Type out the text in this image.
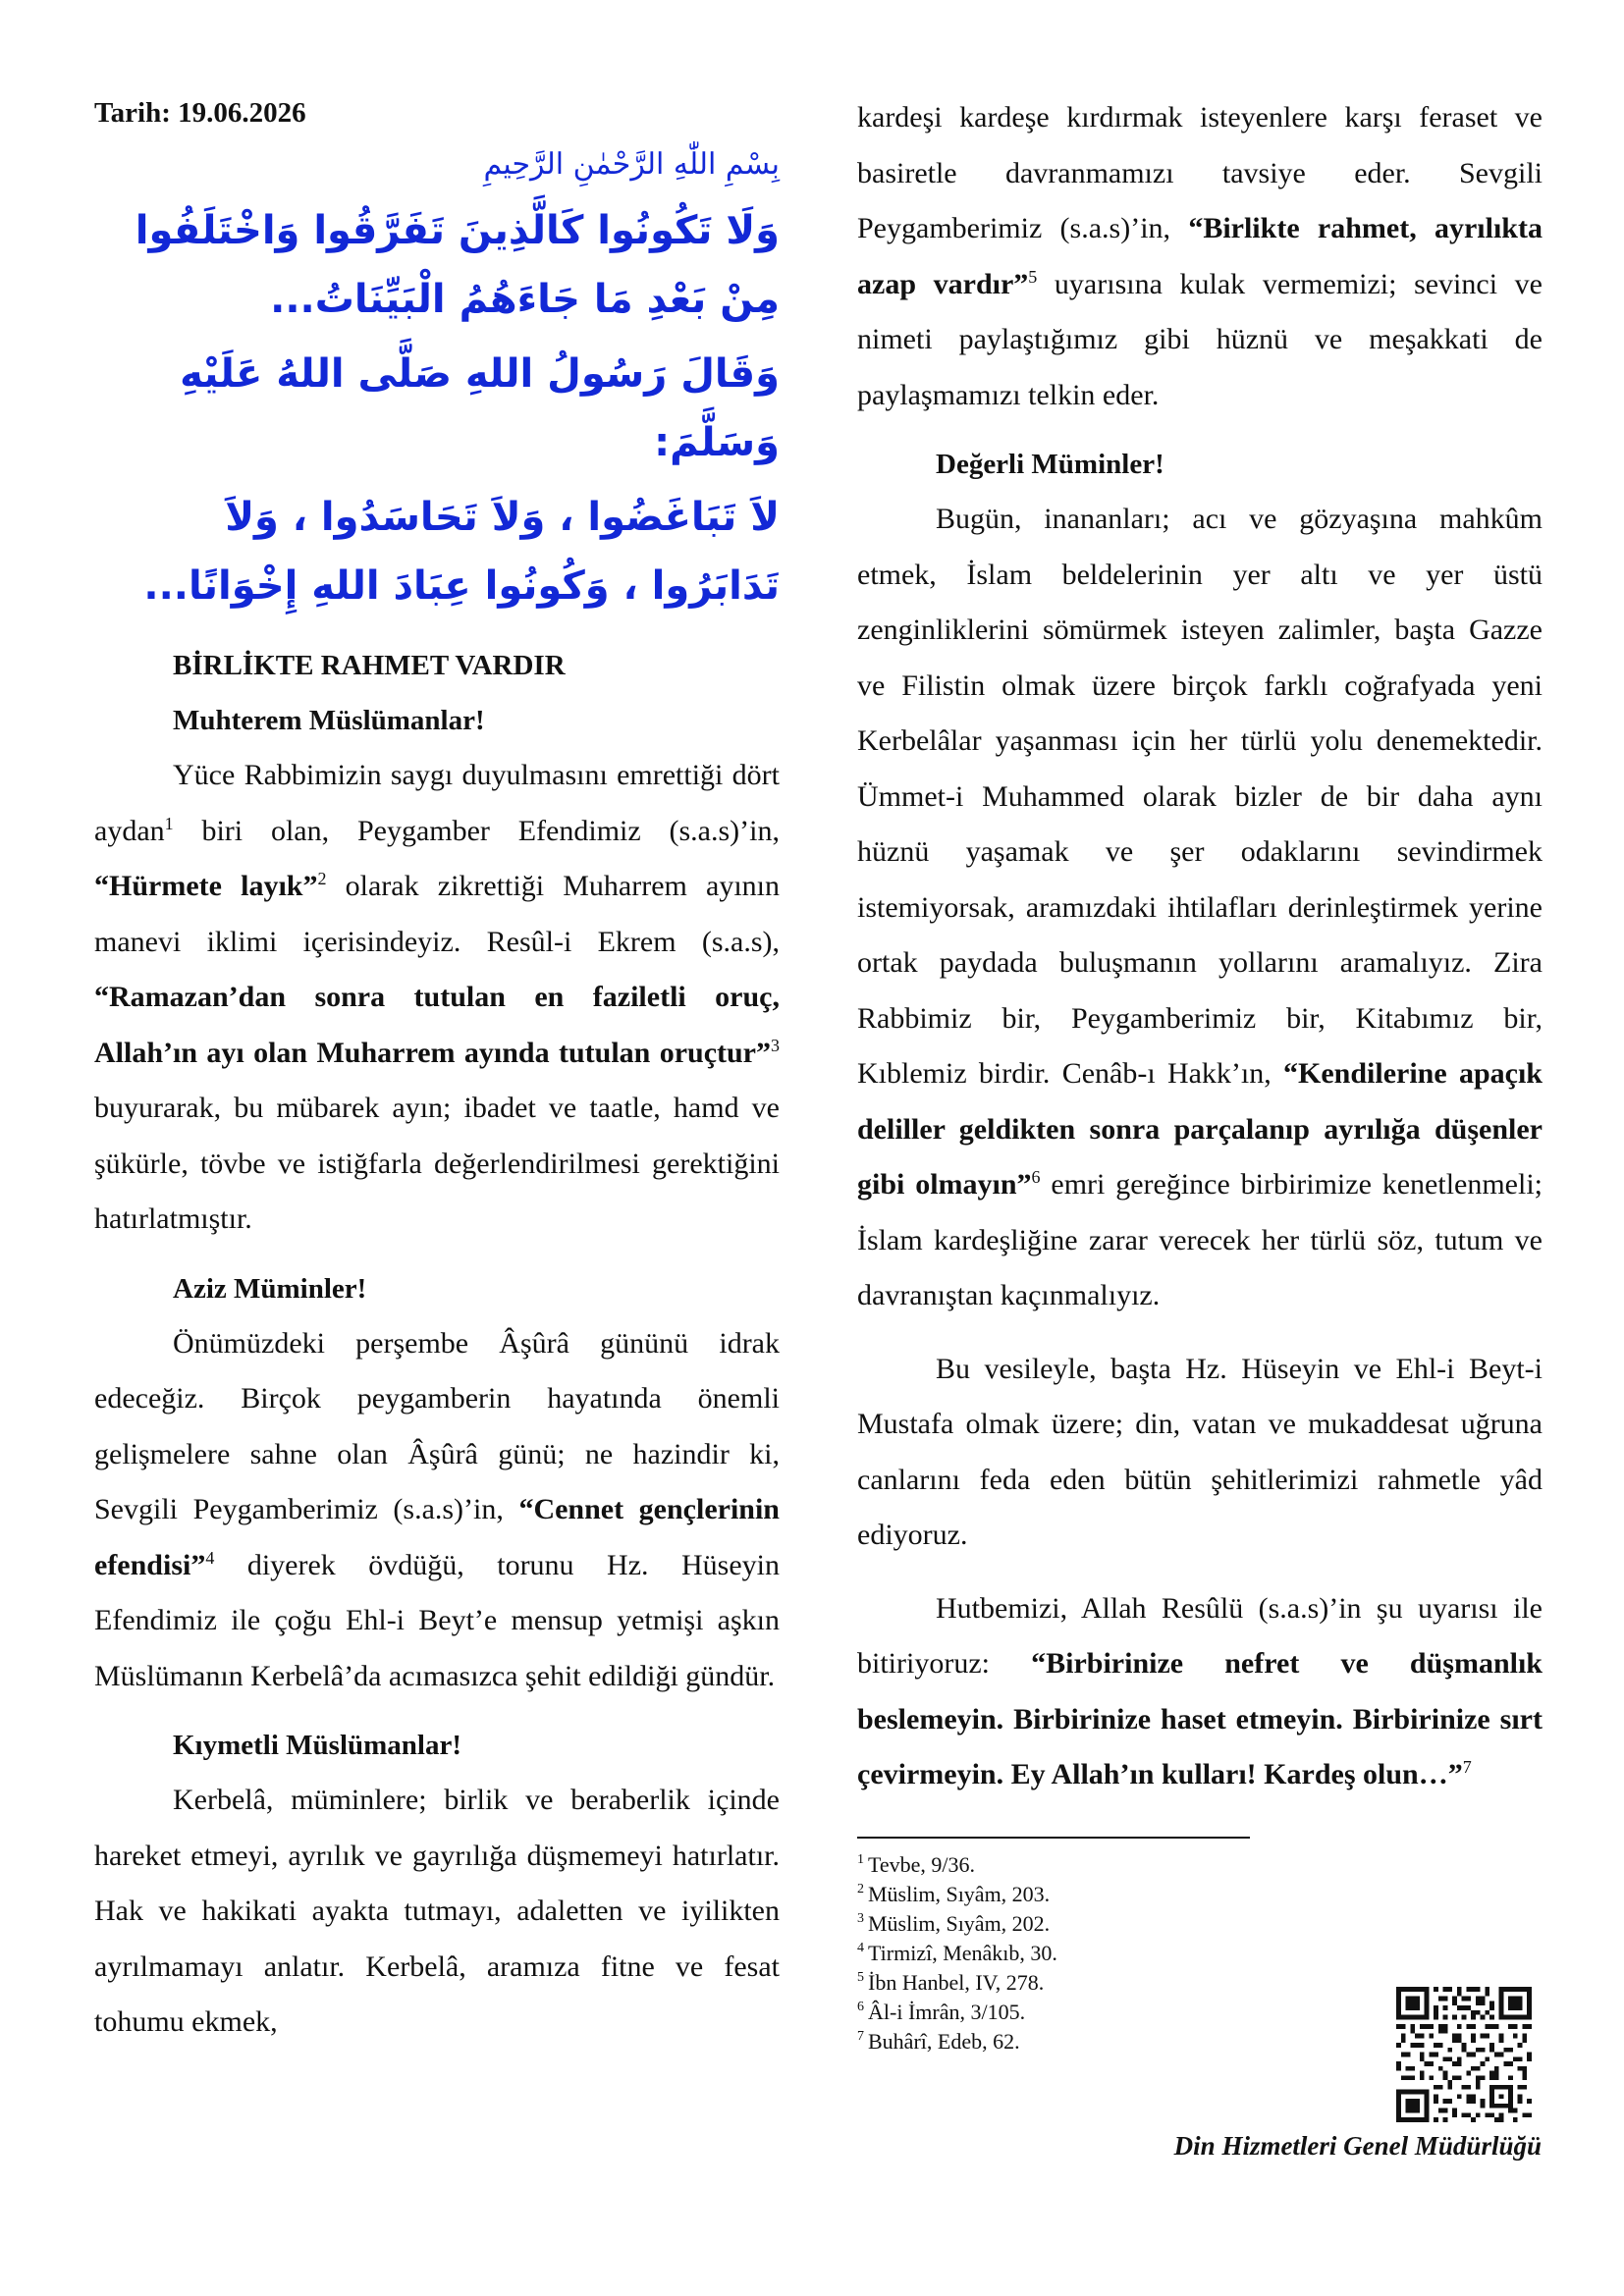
Tarih: 19.06.2026

بِسْمِ اللّٰهِ الرَّحْمٰنِ الرَّحِيمِ

وَلَا تَكُونُوا كَالَّذِينَ تَفَرَّقُوا وَاخْتَلَفُوا مِنْ بَعْدِ مَا جَاءَهُمُ الْبَيِّنَاتُ...

وَقَالَ رَسُولُ اللهِ صَلَّى اللهُ عَلَيْهِ وَسَلَّمَ:

لاَ تَبَاغَضُوا ، وَلاَ تَحَاسَدُوا ، وَلاَ تَدَابَرُوا ، وَكُونُوا عِبَادَ اللهِ إِخْوَانًا...

BİRLİKTE RAHMET VARDIR

Muhterem Müslümanlar!

Yüce Rabbimizin saygı duyulmasını emrettiği dört aydan$^1$ biri olan, Peygamber Efendimiz (s.a.s)’in, “Hürmete layık”$^2$ olarak zikrettiği Muharrem ayının manevi iklimi içerisindeyiz. Resûl-i Ekrem (s.a.s), “Ramazan’dan sonra tutulan en faziletli oruç, Allah’ın ayı olan Muharrem ayında tutulan oruçtur”$^3$ buyurarak, bu mübarek ayın; ibadet ve taatle, hamd ve şükürle, tövbe ve istiğfarla değerlendirilmesi gerektiğini hatırlatmıştır.

Aziz Müminler!

Önümüzdeki perşembe Âşûrâ gününü idrak edeceğiz. Birçok peygamberin hayatında önemli gelişmelere sahne olan Âşûrâ günü; ne hazindir ki, Sevgili Peygamberimiz (s.a.s)’in, “Cennet gençlerinin efendisi”$^4$ diyerek övdüğü, torunu Hz. Hüseyin Efendimiz ile çoğu Ehl-i Beyt’e mensup yetmişi aşkın Müslümanın Kerbelâ’da acımasızca şehit edildiği gündür.

Kıymetli Müslümanlar!

Kerbelâ, müminlere; birlik ve beraberlik içinde hareket etmeyi, ayrılık ve gayrılığa düşmemeyi hatırlatır. Hak ve hakikati ayakta tutmayı, adaletten ve iyilikten ayrılmamayı anlatır. Kerbelâ, aramıza fitne ve fesat tohumu ekmek,

kardeşi kardeşe kırdırmak isteyenlere karşı feraset ve basiretle davranmamızı tavsiye eder. Sevgili Peygamberimiz (s.a.s)’in, “Birlikte rahmet, ayrılıkta azap vardır”$^5$ uyarısına kulak vermemizi; sevinci ve nimeti paylaştığımız gibi hüznü ve meşakkati de paylaşmamızı telkin eder.

Değerli Müminler!

Bugün, inananları; acı ve gözyaşına mahkûm etmek, İslam beldelerinin yer altı ve yer üstü zenginliklerini sömürmek isteyen zalimler, başta Gazze ve Filistin olmak üzere birçok farklı coğrafyada yeni Kerbelâlar yaşanması için her türlü yolu denemektedir. Ümmet-i Muhammed olarak bizler de bir daha aynı hüznü yaşamak ve şer odaklarını sevindirmek istemiyorsak, aramızdaki ihtilafları derinleştirmek yerine ortak paydada buluşmanın yollarını aramalıyız. Zira Rabbimiz bir, Peygamberimiz bir, Kitabımız bir, Kıblemiz birdir. Cenâb-ı Hakk’ın, “Kendilerine apaçık deliller geldikten sonra parçalanıp ayrılığa düşenler gibi olmayın”$^6$ emri gereğince birbirimize kenetlenmeli; İslam kardeşliğine zarar verecek her türlü söz, tutum ve davranıştan kaçınmalıyız.

Bu vesileyle, başta Hz. Hüseyin ve Ehl-i Beyt-i Mustafa olmak üzere; din, vatan ve mukaddesat uğruna canlarını feda eden bütün şehitlerimizi rahmetle yâd ediyoruz.

Hutbemizi, Allah Resûlü (s.a.s)’in şu uyarısı ile bitiriyoruz: “Birbirinize nefret ve düşmanlık beslemeyin. Birbirinize haset etmeyin. Birbirinize sırt çevirmeyin. Ey Allah’ın kulları! Kardeş olun…”$^7$

$^1$ Tevbe, 9/36.
$^2$ Müslim, Sıyâm, 203.
$^3$ Müslim, Sıyâm, 202.
$^4$ Tirmizî, Menâkıb, 30.
$^5$ İbn Hanbel, IV, 278.
$^6$ Âl-i İmrân, 3/105.
$^7$ Buhârî, Edeb, 62.
Din Hizmetleri Genel Müdürlüğü
